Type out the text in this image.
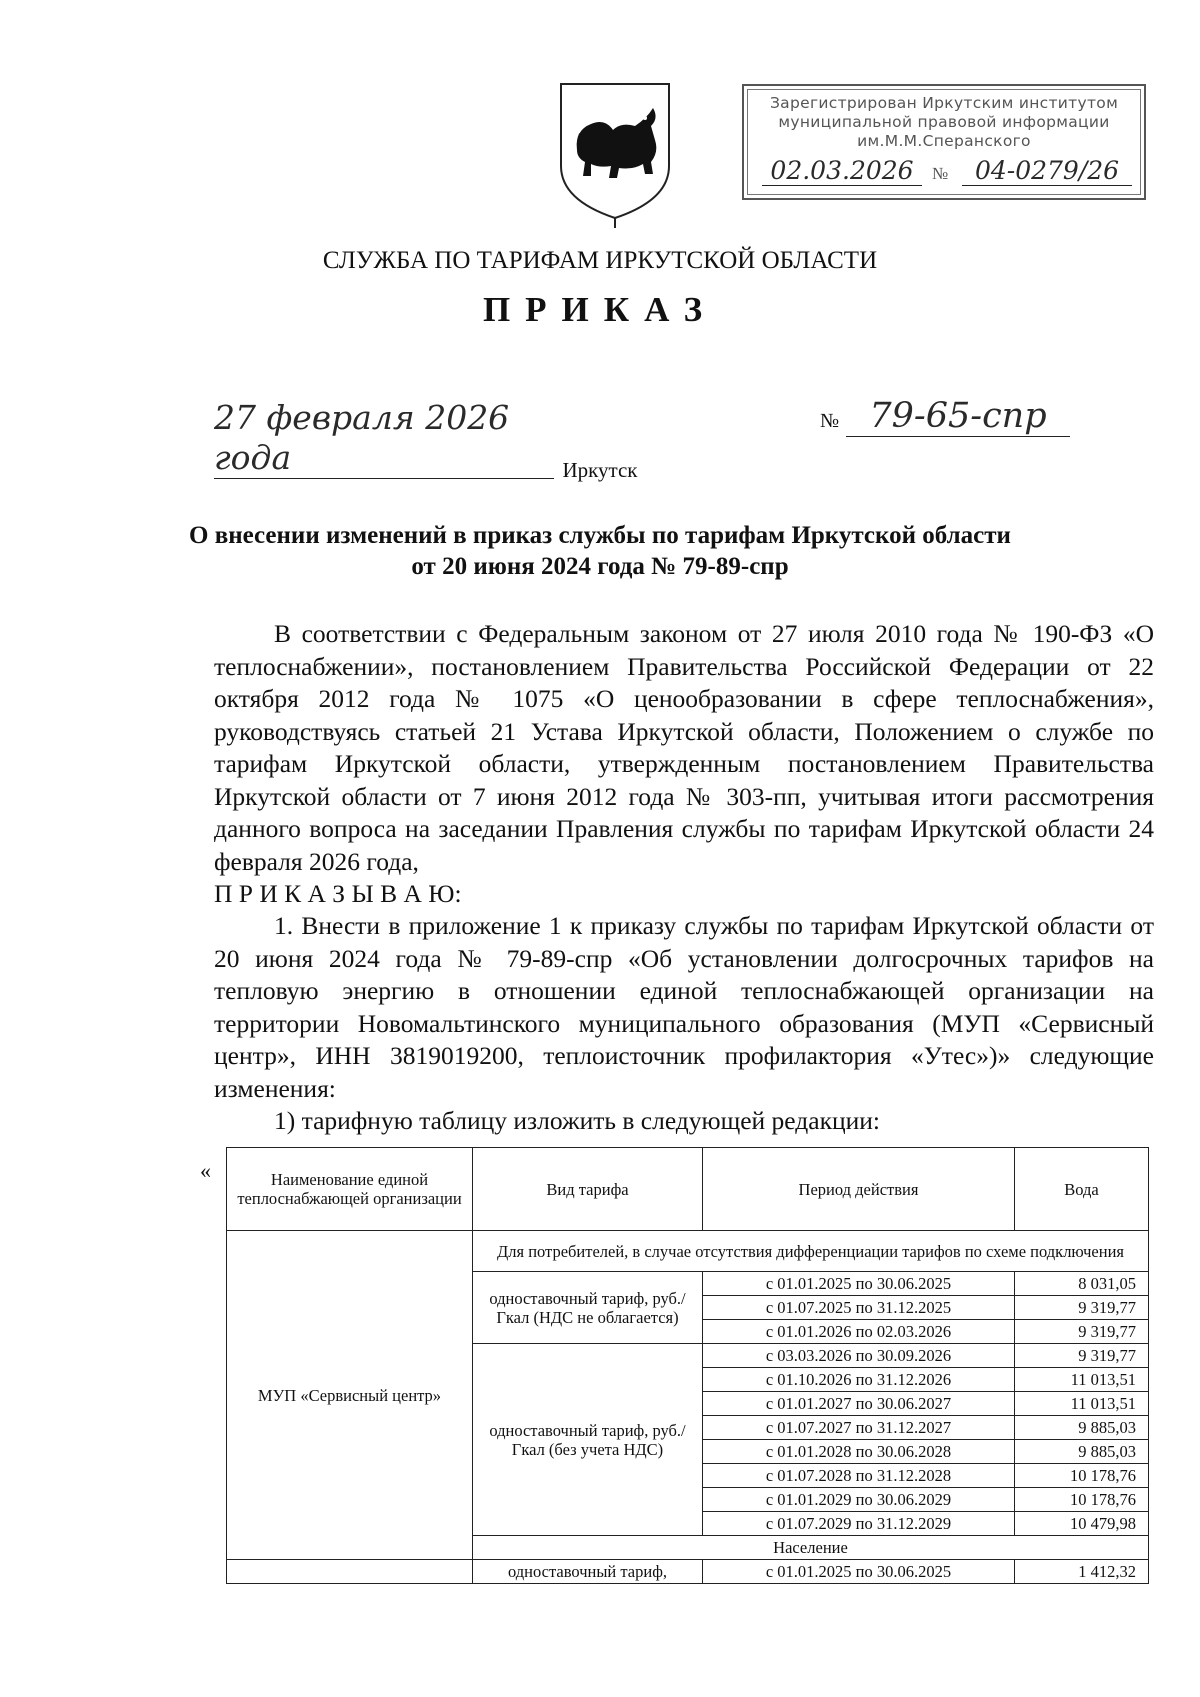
Зарегистрирован Иркутским институтом
муниципальной правовой информации
им.М.М.Сперанского
02.03.2026	№	04-0279/26
СЛУЖБА ПО ТАРИФАМ ИРКУТСКОЙ ОБЛАСТИ
ПРИКАЗ
27 февраля 2026 года
№ 79-65-спр
Иркутск
О внесении изменений в приказ службы по тарифам Иркутской области
от 20 июня 2024 года № 79-89-спр

В соответствии с Федеральным законом от 27 июля 2010 года № 190-ФЗ «О теплоснабжении», постановлением Правительства Российской Федерации от 22 октября 2012 года № 1075 «О ценообразовании в сфере теплоснабжения», руководствуясь статьей 21 Устава Иркутской области, Положением о службе по тарифам Иркутской области, утвержденным постановлением Правительства Иркутской области от 7 июня 2012 года № 303-пп, учитывая итоги рассмотрения данного вопроса на заседании Правления службы по тарифам Иркутской области 24 февраля 2026 года,

П Р И К А З Ы В А Ю:

1. Внести в приложение 1 к приказу службы по тарифам Иркутской области от 20 июня 2024 года № 79-89-спр «Об установлении долгосрочных тарифов на тепловую энергию в отношении единой теплоснабжающей организации на территории Новомальтинского муниципального образования (МУП «Сервисный центр», ИНН 3819019200, теплоисточник профилактория «Утес»)» следующие изменения:

1) тарифную таблицу изложить в следующей редакции:
«	Наименование единой теплоснабжающей организации	Вид тарифа	Период действия	Вода
МУП «Сервисный центр»	Для потребителей, в случае отсутствия дифференциации тарифов по схеме подключения		
	одноставочный тариф, руб./Гкал (НДС не облагается)	с 01.01.2025 по 30.06.2025	8 031,05
		с 01.07.2025 по 31.12.2025	9 319,77
		с 01.01.2026 по 02.03.2026	9 319,77
	одноставочный тариф, руб./Гкал (без учета НДС)	с 03.03.2026 по 30.09.2026	9 319,77
		с 01.10.2026 по 31.12.2026	11 013,51
		с 01.01.2027 по 30.06.2027	11 013,51
		с 01.07.2027 по 31.12.2027	9 885,03
		с 01.01.2028 по 30.06.2028	9 885,03
		с 01.07.2028 по 31.12.2028	10 178,76
		с 01.01.2029 по 30.06.2029	10 178,76
		с 01.07.2029 по 31.12.2029	10 479,98
	Население		
	одноставочный тариф,	с 01.01.2025 по 30.06.2025	1 412,32
